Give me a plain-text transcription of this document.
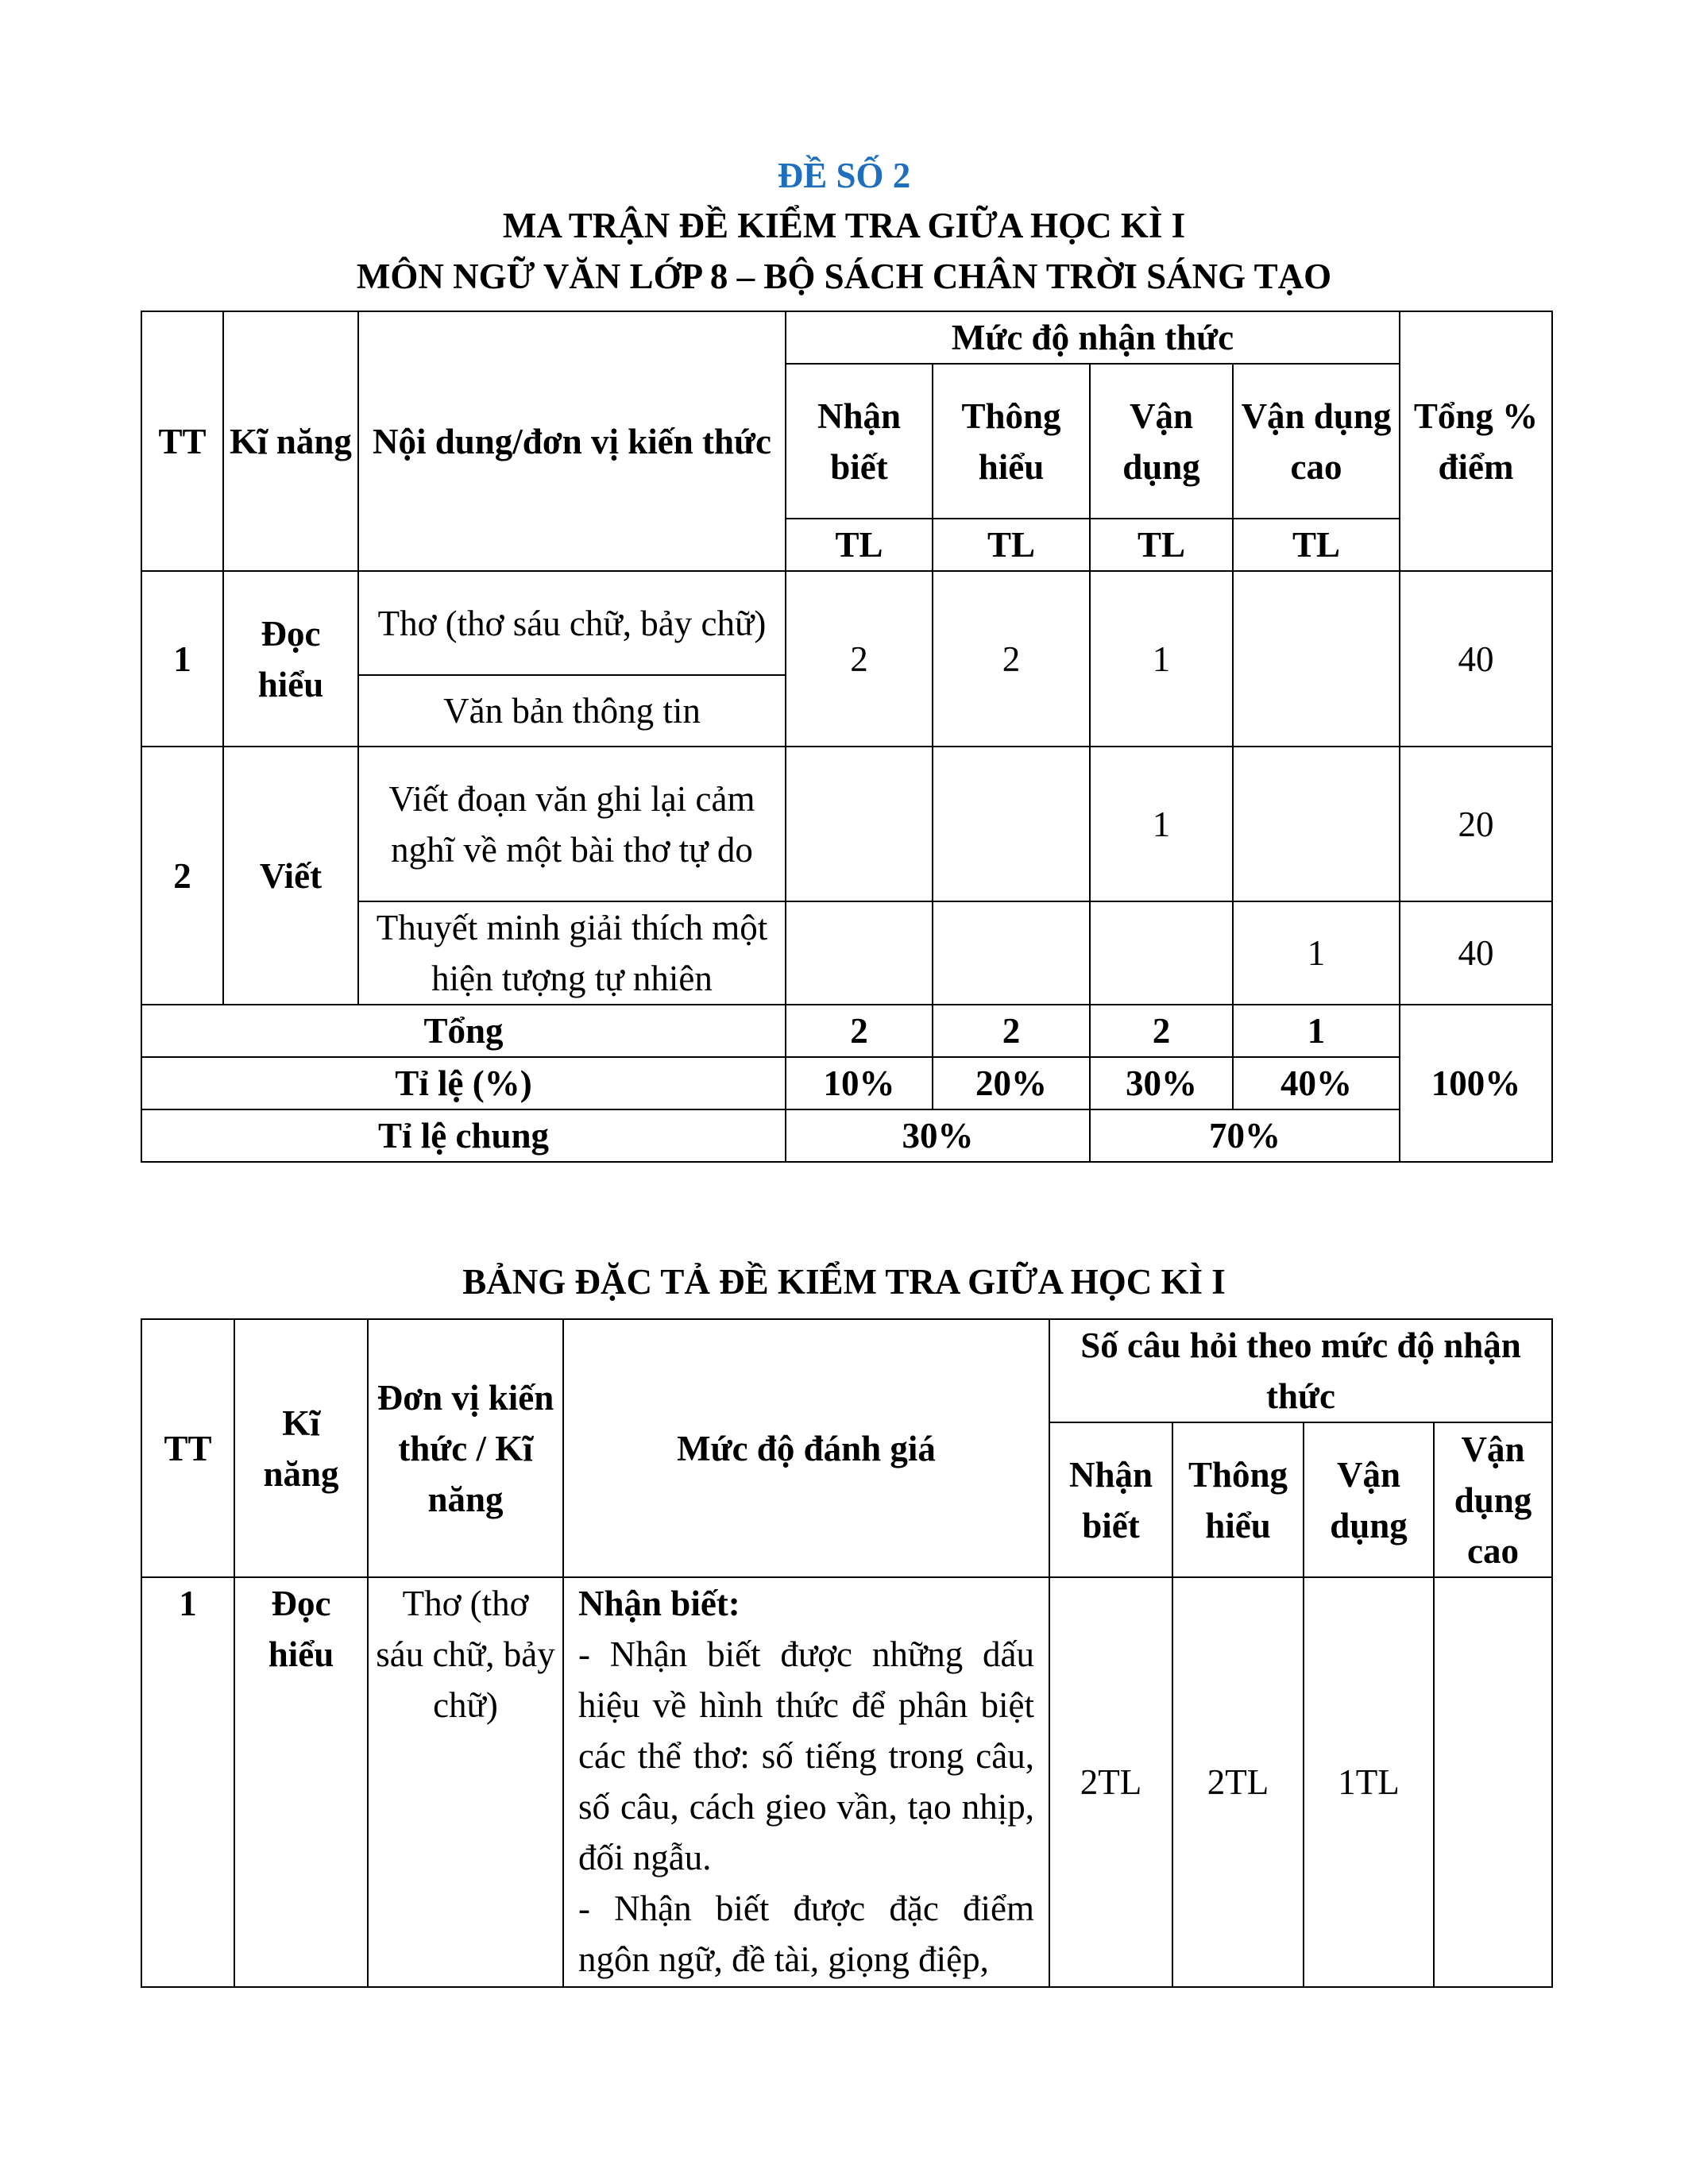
ĐỀ SỐ 2
MA TRẬN ĐỀ KIỂM TRA GIỮA HỌC KÌ I
MÔN NGỮ VĂN LỚP 8 – BỘ SÁCH CHÂN TRỜI SÁNG TẠO
TT	Kĩ năng	Nội dung/đơn vị kiến thức	Mức độ nhận thức				Tổng % điểm
			Nhận biết	Thông hiểu	Vận dụng	Vận dụng cao	
			TL	TL	TL	TL	
1	Đọc hiểu	Thơ (thơ sáu chữ, bảy chữ)	2	2	1		40
		Văn bản thông tin					
2	Viết	Viết đoạn văn ghi lại cảm nghĩ về một bài thơ tự do			1		20
		Thuyết minh giải thích một hiện tượng tự nhiên				1	40
Tổng			2	2	2	1	100%
Tỉ lệ (%)			10%	20%	30%	40%	
Tỉ lệ chung			30%		70%		
BẢNG ĐẶC TẢ ĐỀ KIỂM TRA GIỮA HỌC KÌ I
TT	Kĩ năng	Đơn vị kiến thức / Kĩ năng	Mức độ đánh giá	Số câu hỏi theo mức độ nhận thức			
				Nhận biết	Thông hiểu	Vận dụng	Vận dụng cao
1	Đọc hiểu	Thơ (thơ sáu chữ, bảy chữ)	Nhận biết:
- Nhận biết được những dấu hiệu về hình thức để phân biệt các thể thơ: số tiếng trong câu, số câu, cách gieo vần, tạo nhịp, đối ngẫu.
- Nhận biết được đặc điểm ngôn ngữ, đề tài, giọng điệp,	2TL	2TL	1TL	
